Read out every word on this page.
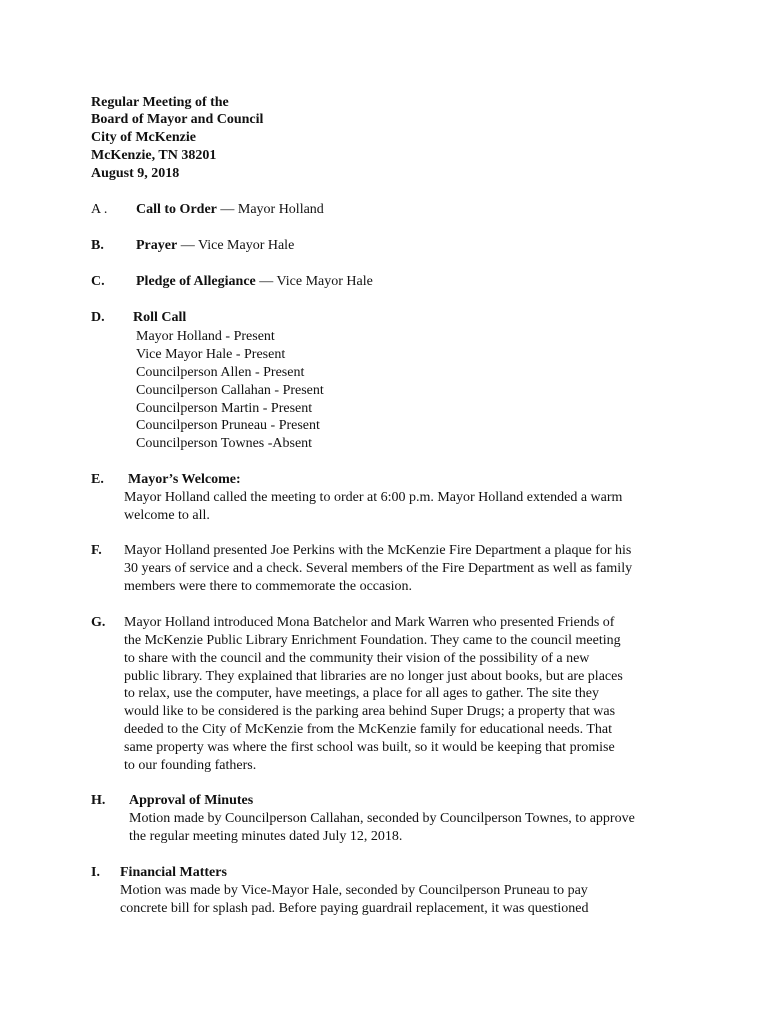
Regular Meeting of the
Board of Mayor and Council
City of McKenzie
McKenzie, TN 38201
August 9, 2018
A . Call to Order — Mayor Holland
B. Prayer — Vice Mayor Hale
C. Pledge of Allegiance — Vice Mayor Hale
D. Roll Call
Mayor Holland - Present
Vice Mayor Hale - Present
Councilperson Allen - Present
Councilperson Callahan - Present
Councilperson Martin - Present
Councilperson Pruneau - Present
Councilperson Townes -Absent
E. Mayor’s Welcome:
Mayor Holland called the meeting to order at 6:00 p.m. Mayor Holland extended a warm
welcome to all.
F. Mayor Holland presented Joe Perkins with the McKenzie Fire Department a plaque for his
30 years of service and a check. Several members of the Fire Department as well as family
members were there to commemorate the occasion.
G. Mayor Holland introduced Mona Batchelor and Mark Warren who presented Friends of
the McKenzie Public Library Enrichment Foundation. They came to the council meeting
to share with the council and the community their vision of the possibility of a new
public library. They explained that libraries are no longer just about books, but are places
to relax, use the computer, have meetings, a place for all ages to gather. The site they
would like to be considered is the parking area behind Super Drugs; a property that was
deeded to the City of McKenzie from the McKenzie family for educational needs. That
same property was where the first school was built, so it would be keeping that promise
to our founding fathers.
H. Approval of Minutes
Motion made by Councilperson Callahan, seconded by Councilperson Townes, to approve
the regular meeting minutes dated July 12, 2018.
I. Financial Matters
Motion was made by Vice-Mayor Hale, seconded by Councilperson Pruneau to pay
concrete bill for splash pad. Before paying guardrail replacement, it was questioned
